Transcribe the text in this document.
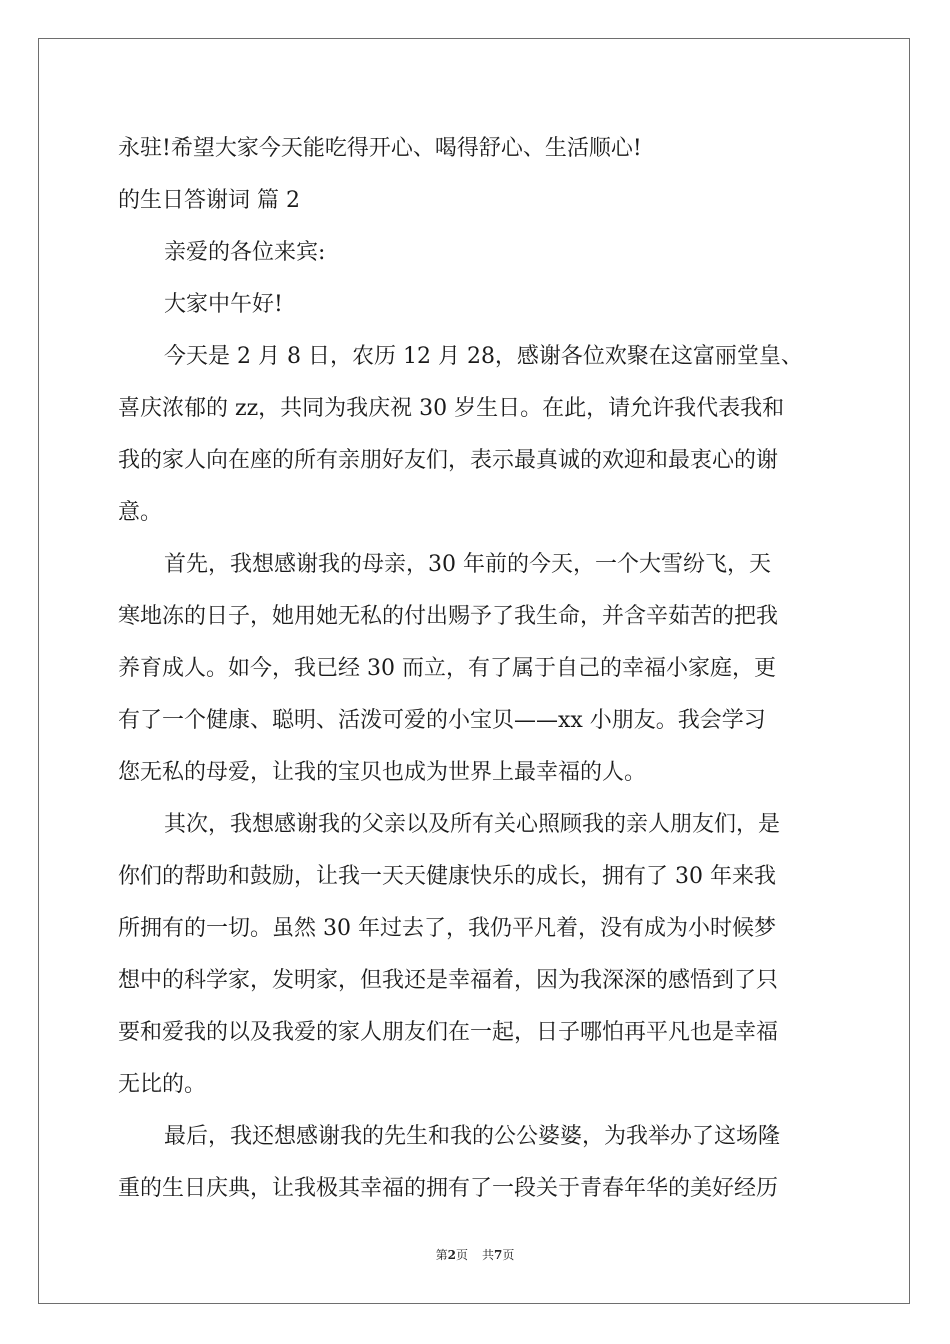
永驻!希望大家今天能吃得开心、喝得舒心、生活顺心!
的生日答谢词 篇 2
亲爱的各位来宾:
大家中午好!
今天是 2 月 8 日，农历 12 月 28，感谢各位欢聚在这富丽堂皇、
喜庆浓郁的 zz，共同为我庆祝 30 岁生日。在此，请允许我代表我和
我的家人向在座的所有亲朋好友们，表示最真诚的欢迎和最衷心的谢
意。
首先，我想感谢我的母亲，30 年前的今天，一个大雪纷飞，天
寒地冻的日子，她用她无私的付出赐予了我生命，并含辛茹苦的把我
养育成人。如今，我已经 30 而立，有了属于自己的幸福小家庭，更
有了一个健康、聪明、活泼可爱的小宝贝——xx 小朋友。我会学习
您无私的母爱，让我的宝贝也成为世界上最幸福的人。
其次，我想感谢我的父亲以及所有关心照顾我的亲人朋友们，是
你们的帮助和鼓励，让我一天天健康快乐的成长，拥有了 30 年来我
所拥有的一切。虽然 30 年过去了，我仍平凡着，没有成为小时候梦
想中的科学家，发明家，但我还是幸福着，因为我深深的感悟到了只
要和爱我的以及我爱的家人朋友们在一起，日子哪怕再平凡也是幸福
无比的。
最后，我还想感谢我的先生和我的公公婆婆，为我举办了这场隆
重的生日庆典，让我极其幸福的拥有了一段关于青春年华的美好经历
第2页 共7页
